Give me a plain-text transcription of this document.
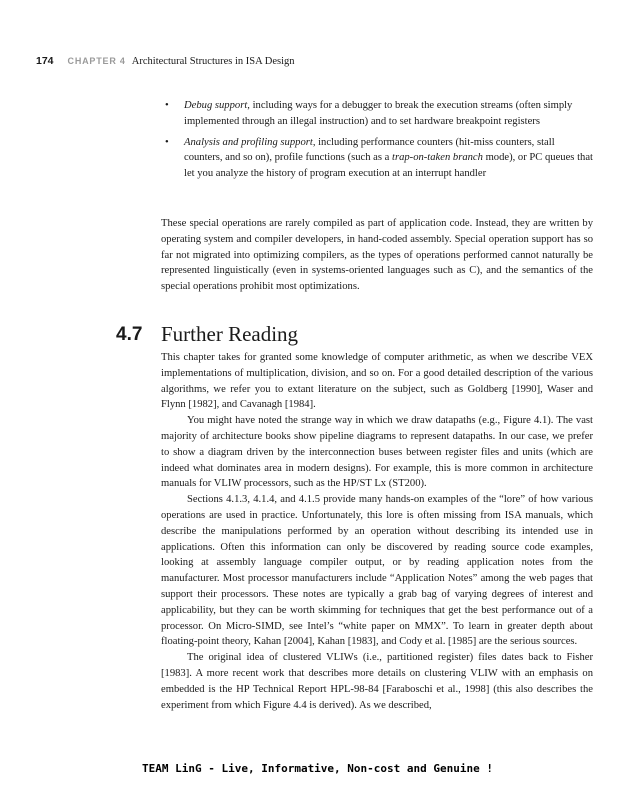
174 CHAPTER 4 Architectural Structures in ISA Design
• Debug support, including ways for a debugger to break the execution streams (often simply implemented through an illegal instruction) and to set hardware breakpoint registers
• Analysis and profiling support, including performance counters (hit-miss counters, stall counters, and so on), profile functions (such as a trap-on-taken branch mode), or PC queues that let you analyze the history of program execution at an interrupt handler

These special operations are rarely compiled as part of application code. Instead, they are written by operating system and compiler developers, in hand-coded assembly. Special operation support has so far not migrated into optimizing compilers, as the types of operations performed cannot naturally be represented linguistically (even in systems-oriented languages such as C), and the semantics of the special operations prohibit most optimizations.

4.7 Further Reading

This chapter takes for granted some knowledge of computer arithmetic, as when we describe VEX implementations of multiplication, division, and so on. For a good detailed description of the various algorithms, we refer you to extant literature on the subject, such as Goldberg [1990], Waser and Flynn [1982], and Cavanagh [1984].

You might have noted the strange way in which we draw datapaths (e.g., Figure 4.1). The vast majority of architecture books show pipeline diagrams to represent datapaths. In our case, we prefer to show a diagram driven by the interconnection buses between register files and units (which are indeed what dominates area in modern designs). For example, this is more common in architecture manuals for VLIW processors, such as the HP/ST Lx (ST200).

Sections 4.1.3, 4.1.4, and 4.1.5 provide many hands-on examples of the “lore” of how various operations are used in practice. Unfortunately, this lore is often missing from ISA manuals, which describe the manipulations performed by an operation without describing its intended use in applications. Often this information can only be discovered by reading source code examples, looking at assembly language compiler output, or by reading application notes from the manufacturer. Most processor manufacturers include “Application Notes” among the web pages that support their processors. These notes are typically a grab bag of varying degrees of interest and applicability, but they can be worth skimming for techniques that get the best performance out of a processor. On Micro-SIMD, see Intel’s “white paper on MMX”. To learn in greater depth about floating-point theory, Kahan [2004], Kahan [1983], and Cody et al. [1985] are the serious sources.

The original idea of clustered VLIWs (i.e., partitioned register) files dates back to Fisher [1983]. A more recent work that describes more details on clustering VLIW with an emphasis on embedded is the HP Technical Report HPL-98-84 [Faraboschi et al., 1998] (this also describes the experiment from which Figure 4.4 is derived). As we described,

TEAM LinG - Live, Informative, Non-cost and Genuine !
